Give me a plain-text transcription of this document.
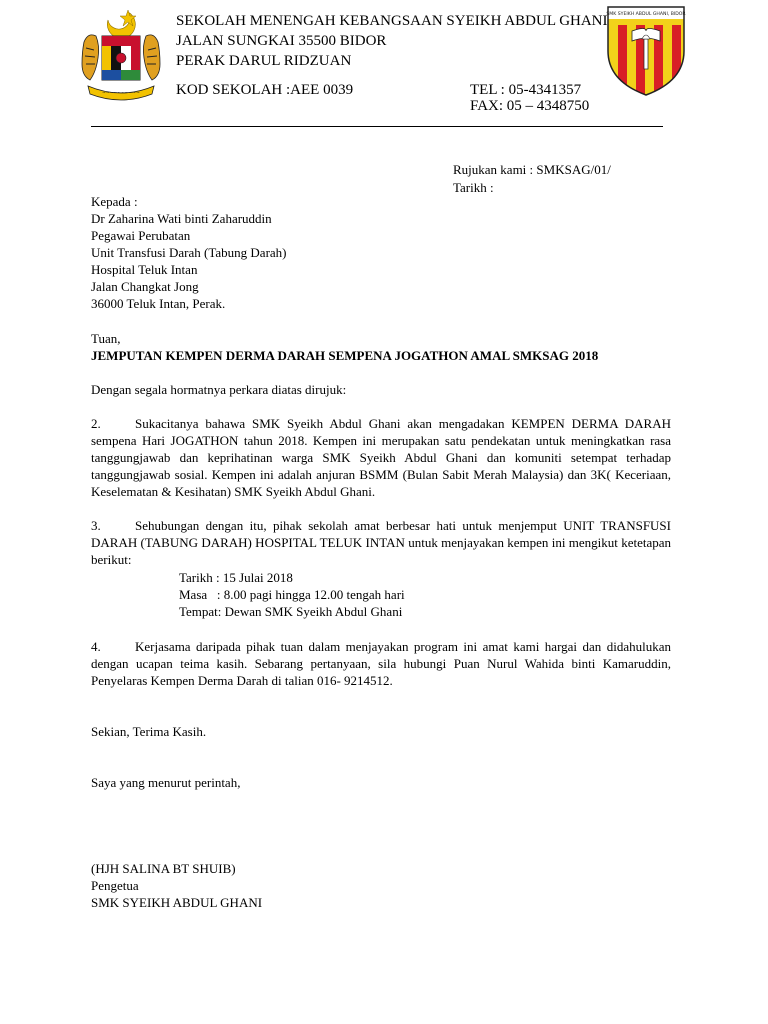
~~~~~~~~~~
SMK SYEIKH ABDUL GHANI, BIDOR
SEKOLAH MENENGAH KEBANGSAAN SYEIKH ABDUL GHANI
JALAN SUNGKAI 35500 BIDOR
PERAK DARUL RIDZUAN
KOD SEKOLAH :AEE 0039	TEL : 05-4341357
FAX: 05 – 4348750
Rujukan kami : SMKSAG/01/
Tarikh :
Kepada :
Dr Zaharina Wati binti Zaharuddin
Pegawai Perubatan
Unit Transfusi Darah (Tabung Darah)
Hospital Teluk Intan
Jalan Changkat Jong
36000 Teluk Intan, Perak.
Tuan,
JEMPUTAN KEMPEN DERMA DARAH SEMPENA JOGATHON AMAL SMKSAG 2018
Dengan segala hormatnya perkara diatas dirujuk:
2.	Sukacitanya bahawa SMK Syeikh Abdul Ghani akan mengadakan KEMPEN DERMA DARAH sempena Hari JOGATHON tahun 2018. Kempen ini merupakan satu pendekatan untuk meningkatkan rasa tanggungjawab dan keprihatinan warga SMK Syeikh Abdul Ghani dan komuniti setempat terhadap tanggungjawab sosial. Kempen ini adalah anjuran BSMM (Bulan Sabit Merah Malaysia) dan 3K( Keceriaan, Keselematan & Kesihatan) SMK Syeikh Abdul Ghani.
3.	Sehubungan dengan itu, pihak sekolah amat berbesar hati untuk menjemput UNIT TRANSFUSI DARAH (TABUNG DARAH) HOSPITAL TELUK INTAN untuk menjayakan kempen ini mengikut ketetapan berikut:
Tarikh : 15 Julai 2018
Masa   : 8.00 pagi hingga 12.00 tengah hari
Tempat: Dewan SMK Syeikh Abdul Ghani
4.	Kerjasama daripada pihak tuan dalam menjayakan program ini amat kami hargai dan didahulukan dengan ucapan teima kasih. Sebarang pertanyaan, sila hubungi Puan Nurul Wahida binti Kamaruddin, Penyelaras Kempen Derma Darah di talian 016- 9214512.
Sekian, Terima Kasih.
Saya yang menurut perintah,
(HJH SALINA BT SHUIB)
Pengetua
SMK SYEIKH ABDUL GHANI
